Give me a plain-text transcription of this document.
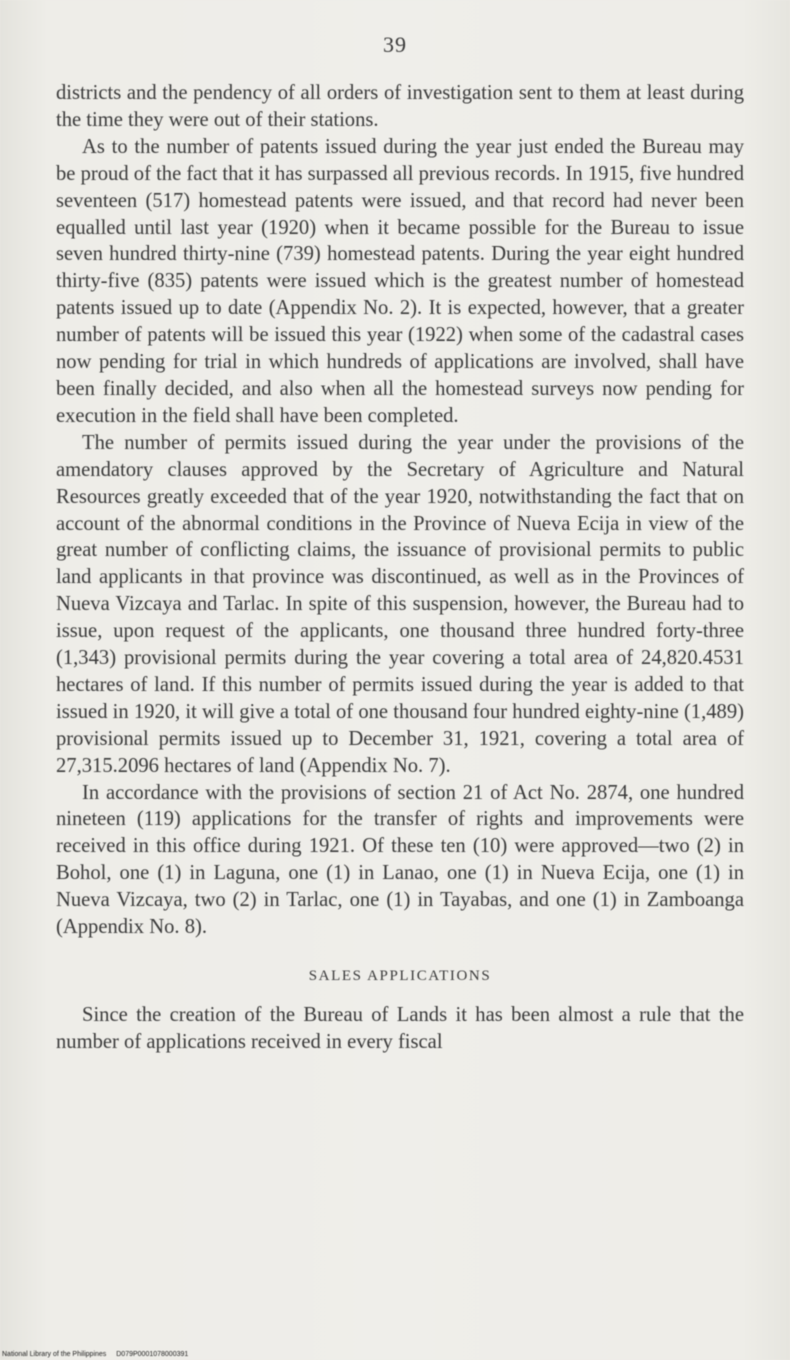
39

districts and the pendency of all orders of investigation sent to them at least during the time they were out of their stations.

As to the number of patents issued during the year just ended the Bureau may be proud of the fact that it has surpassed all previous records. In 1915, five hundred seventeen (517) homestead patents were issued, and that record had never been equalled until last year (1920) when it became possible for the Bureau to issue seven hundred thirty-nine (739) homestead patents. During the year eight hundred thirty-five (835) patents were issued which is the greatest number of homestead patents issued up to date (Appendix No. 2). It is expected, however, that a greater number of patents will be issued this year (1922) when some of the cadastral cases now pending for trial in which hundreds of applications are involved, shall have been finally decided, and also when all the homestead surveys now pending for execution in the field shall have been completed.

The number of permits issued during the year under the provisions of the amendatory clauses approved by the Secretary of Agriculture and Natural Resources greatly exceeded that of the year 1920, notwithstanding the fact that on account of the abnormal conditions in the Province of Nueva Ecija in view of the great number of conflicting claims, the issuance of provisional permits to public land applicants in that province was discontinued, as well as in the Provinces of Nueva Vizcaya and Tarlac. In spite of this suspension, however, the Bureau had to issue, upon request of the applicants, one thousand three hundred forty-three (1,343) provisional permits during the year covering a total area of 24,820.4531 hectares of land. If this number of permits issued during the year is added to that issued in 1920, it will give a total of one thousand four hundred eighty-nine (1,489) provisional permits issued up to December 31, 1921, covering a total area of 27,315.2096 hectares of land (Appendix No. 7).

In accordance with the provisions of section 21 of Act No. 2874, one hundred nineteen (119) applications for the transfer of rights and improvements were received in this office during 1921. Of these ten (10) were approved—two (2) in Bohol, one (1) in Laguna, one (1) in Lanao, one (1) in Nueva Ecija, one (1) in Nueva Vizcaya, two (2) in Tarlac, one (1) in Tayabas, and one (1) in Zamboanga (Appendix No. 8).

SALES APPLICATIONS

Since the creation of the Bureau of Lands it has been almost a rule that the number of applications received in every fiscal

National Library of the Philippines D079P0001078000391
